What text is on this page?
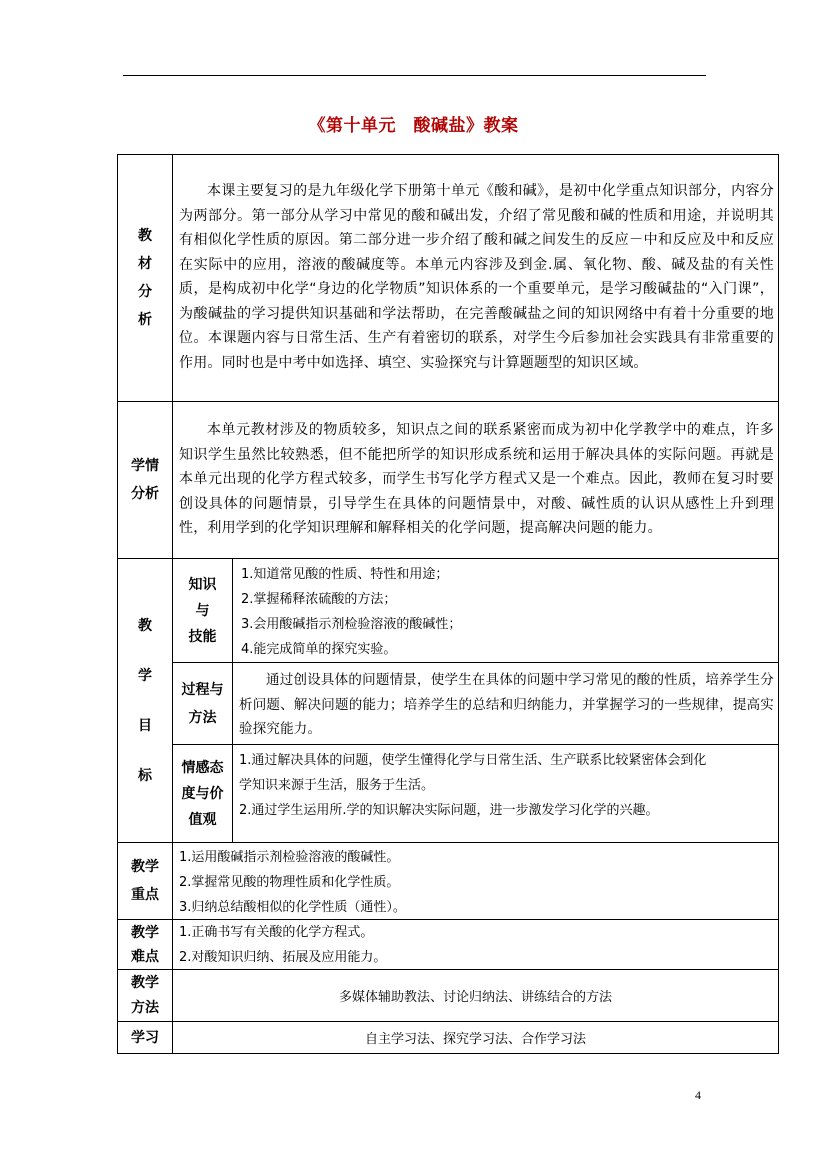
《第十单元　酸碱盐》教案
教
材
分
析
本课主要复习的是九年级化学下册第十单元《酸和碱》，是初中化学重点知识部分，内容分为两部分。第一部分从学习中常见的酸和碱出发，介绍了常见酸和碱的性质和用途，并说明其有相似化学性质的原因。第二部分进一步介绍了酸和碱之间发生的反应－中和反应及中和反应在实际中的应用，溶液的酸碱度等。本单元内容涉及到金.属、氧化物、酸、碱及盐的有关性质，是构成初中化学“身边的化学物质”知识体系的一个重要单元，是学习酸碱盐的“入门课”，为酸碱盐的学习提供知识基础和学法帮助，在完善酸碱盐之间的知识网络中有着十分重要的地位。本课题内容与日常生活、生产有着密切的联系，对学生今后参加社会实践具有非常重要的作用。同时也是中考中如选择、填空、实验探究与计算题题型的知识区域。
学情
分析
本单元教材涉及的物质较多，知识点之间的联系紧密而成为初中化学教学中的难点，许多知识学生虽然比较熟悉，但不能把所学的知识形成系统和运用于解决具体的实际问题。再就是本单元出现的化学方程式较多，而学生书写化学方程式又是一个难点。因此，教师在复习时要创设具体的问题情景，引导学生在具体的问题情景中，对酸、碱性质的认识从感性上升到理性，利用学到的化学知识理解和解释相关的化学问题，提高解决问题的能力。
教
学
目
标
知识
与
技能
1.知道常见酸的性质、特性和用途；
2.掌握稀释浓硫酸的方法；
3.会用酸碱指示剂检验溶液的酸碱性；
4.能完成简单的探究实验。
过程与
方法
通过创设具体的问题情景，使学生在具体的问题中学习常见的酸的性质，培养学生分析问题、解决问题的能力；培养学生的总结和归纳能力，并掌握学习的一些规律，提高实验探究能力。
情感态
度与价
值观
1.通过解决具体的问题，使学生懂得化学与日常生活、生产联系比较紧密体会到化
学知识来源于生活，服务于生活。
2.通过学生运用所.学的知识解决实际问题，进一步激发学习化学的兴趣。
教学
重点
1.运用酸碱指示剂检验溶液的酸碱性。
2.掌握常见酸的物理性质和化学性质。
3.归纳总结酸相似的化学性质（通性）。
教学
难点
1.正确书写有关酸的化学方程式。
2.对酸知识归纳、拓展及应用能力。
教学
方法
多媒体辅助教法、讨论归纳法、讲练结合的方法
学习	自主学习法、探究学习法、合作学习法
4
